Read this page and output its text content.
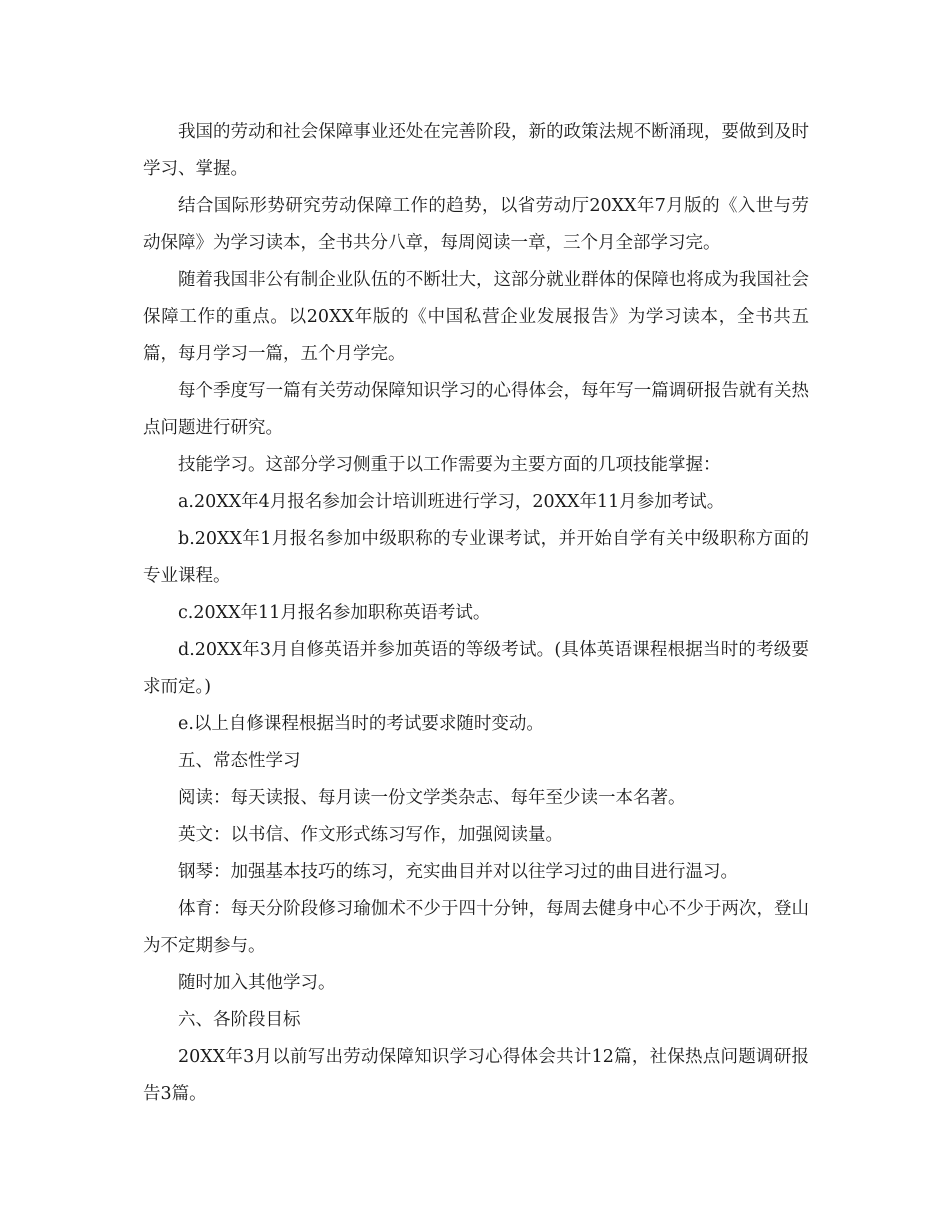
我国的劳动和社会保障事业还处在完善阶段，新的政策法规不断涌现，要做到及时学习、掌握。

结合国际形势研究劳动保障工作的趋势，以省劳动厅20XX年7月版的《入世与劳动保障》为学习读本，全书共分八章，每周阅读一章，三个月全部学习完。

随着我国非公有制企业队伍的不断壮大，这部分就业群体的保障也将成为我国社会保障工作的重点。以20XX年版的《中国私营企业发展报告》为学习读本，全书共五篇，每月学习一篇，五个月学完。

每个季度写一篇有关劳动保障知识学习的心得体会，每年写一篇调研报告就有关热点问题进行研究。

技能学习。这部分学习侧重于以工作需要为主要方面的几项技能掌握：

a.20XX年4月报名参加会计培训班进行学习，20XX年11月参加考试。

b.20XX年1月报名参加中级职称的专业课考试，并开始自学有关中级职称方面的专业课程。

c.20XX年11月报名参加职称英语考试。

d.20XX年3月自修英语并参加英语的等级考试。(具体英语课程根据当时的考级要求而定。)

e.以上自修课程根据当时的考试要求随时变动。

五、常态性学习

阅读：每天读报、每月读一份文学类杂志、每年至少读一本名著。

英文：以书信、作文形式练习写作，加强阅读量。

钢琴：加强基本技巧的练习，充实曲目并对以往学习过的曲目进行温习。

体育：每天分阶段修习瑜伽术不少于四十分钟，每周去健身中心不少于两次，登山为不定期参与。

随时加入其他学习。

六、各阶段目标

20XX年3月以前写出劳动保障知识学习心得体会共计12篇，社保热点问题调研报告3篇。
